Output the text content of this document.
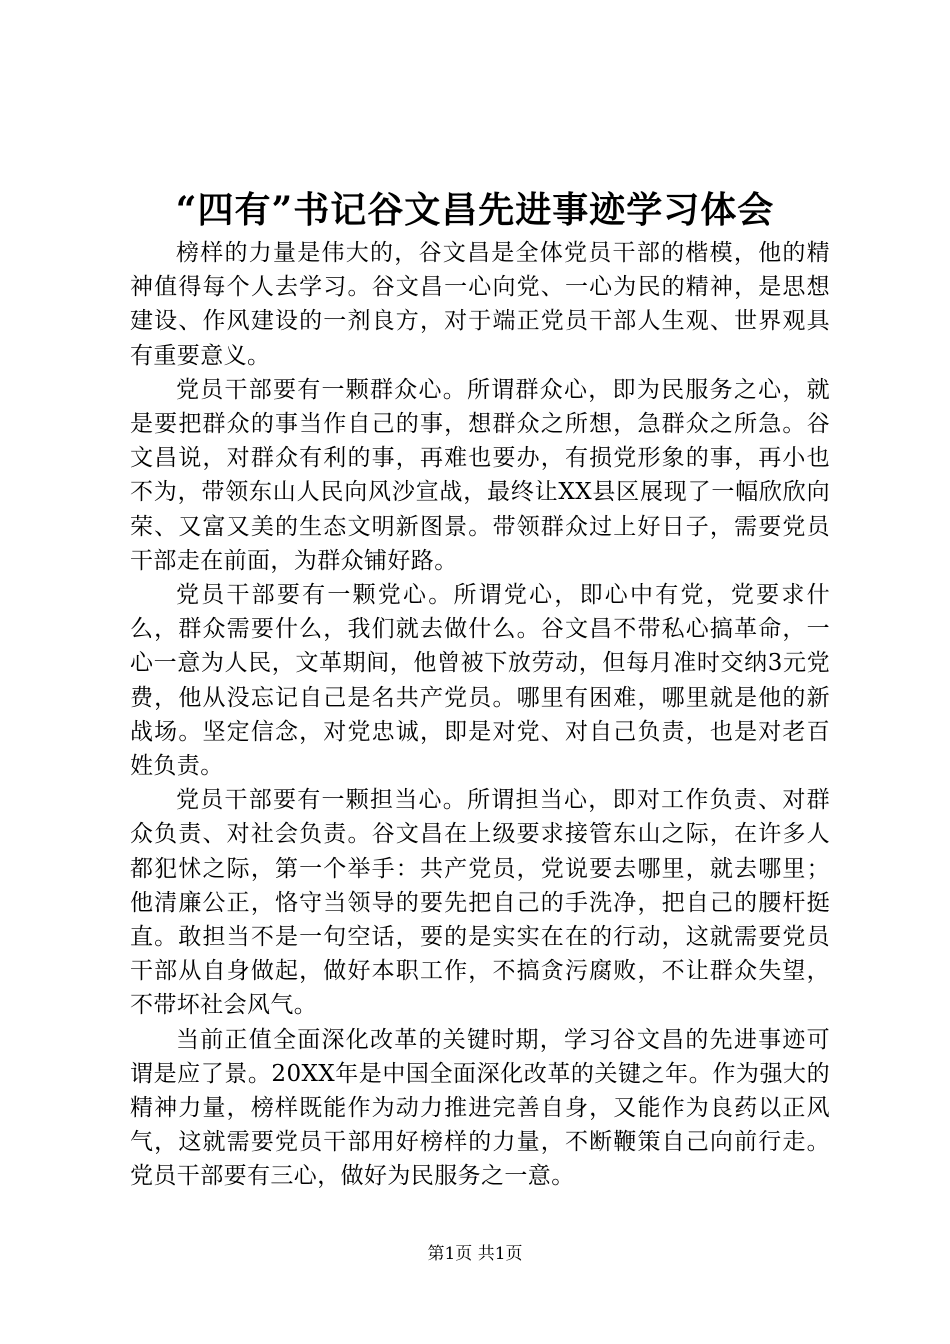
“四有”书记谷文昌先进事迹学习体会

榜样的力量是伟大的，谷文昌是全体党员干部的楷模，他的精神值得每个人去学习。谷文昌一心向党、一心为民的精神，是思想建设、作风建设的一剂良方，对于端正党员干部人生观、世界观具有重要意义。

党员干部要有一颗群众心。所谓群众心，即为民服务之心，就是要把群众的事当作自己的事，想群众之所想，急群众之所急。谷文昌说，对群众有利的事，再难也要办，有损党形象的事，再小也不为，带领东山人民向风沙宣战，最终让XX县区展现了一幅欣欣向荣、又富又美的生态文明新图景。带领群众过上好日子，需要党员干部走在前面，为群众铺好路。

党员干部要有一颗党心。所谓党心，即心中有党，党要求什么，群众需要什么，我们就去做什么。谷文昌不带私心搞革命，一心一意为人民，文革期间，他曾被下放劳动，但每月准时交纳3元党费，他从没忘记自己是名共产党员。哪里有困难，哪里就是他的新战场。坚定信念，对党忠诚，即是对党、对自己负责，也是对老百姓负责。

党员干部要有一颗担当心。所谓担当心，即对工作负责、对群众负责、对社会负责。谷文昌在上级要求接管东山之际，在许多人都犯怵之际，第一个举手：共产党员，党说要去哪里，就去哪里；他清廉公正，恪守当领导的要先把自己的手洗净，把自己的腰杆挺直。敢担当不是一句空话，要的是实实在在的行动，这就需要党员干部从自身做起，做好本职工作，不搞贪污腐败，不让群众失望，不带坏社会风气。

当前正值全面深化改革的关键时期，学习谷文昌的先进事迹可谓是应了景。20XX年是中国全面深化改革的关键之年。作为强大的精神力量，榜样既能作为动力推进完善自身，又能作为良药以正风气，这就需要党员干部用好榜样的力量，不断鞭策自己向前行走。党员干部要有三心，做好为民服务之一意。

第1页 共1页
